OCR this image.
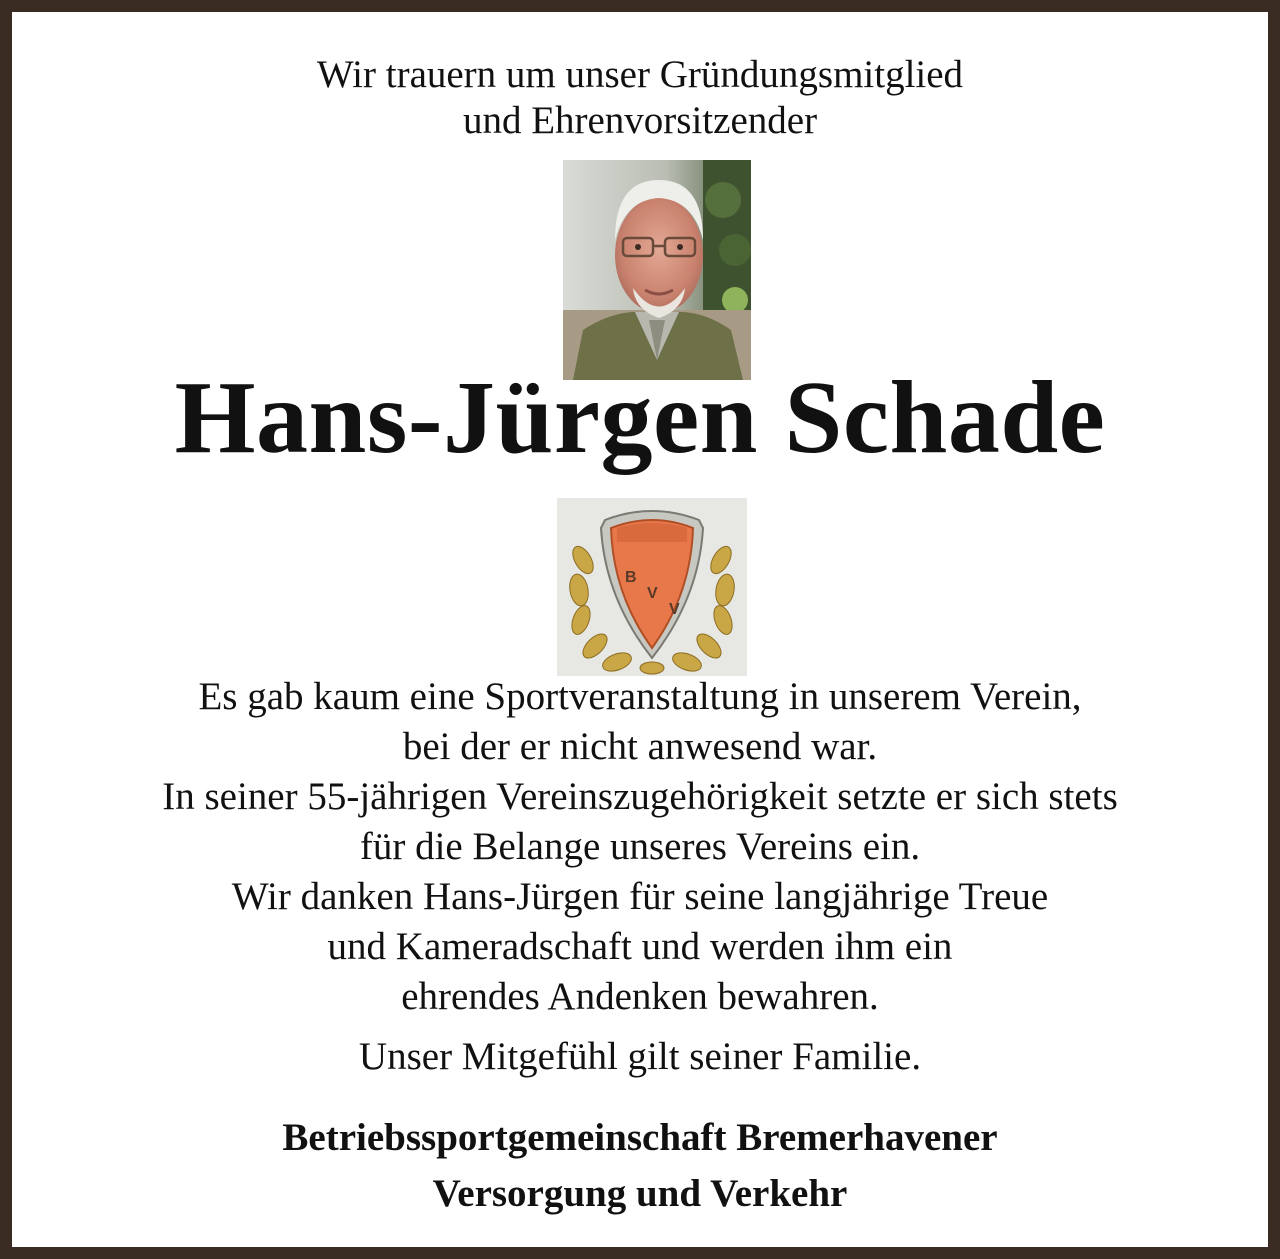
Wir trauern um unser Gründungsmitglied
und Ehrenvorsitzender
Hans-Jürgen Schade
B
V
V
Es gab kaum eine Sportveranstaltung in unserem Verein,
bei der er nicht anwesend war.
In seiner 55-jährigen Vereinszugehörigkeit setzte er sich stets
für die Belange unseres Vereins ein.
Wir danken Hans-Jürgen für seine langjährige Treue
und Kameradschaft und werden ihm ein
ehrendes Andenken bewahren.
Unser Mitgefühl gilt seiner Familie.
Betriebssportgemeinschaft Bremerhavener
Versorgung und Verkehr
